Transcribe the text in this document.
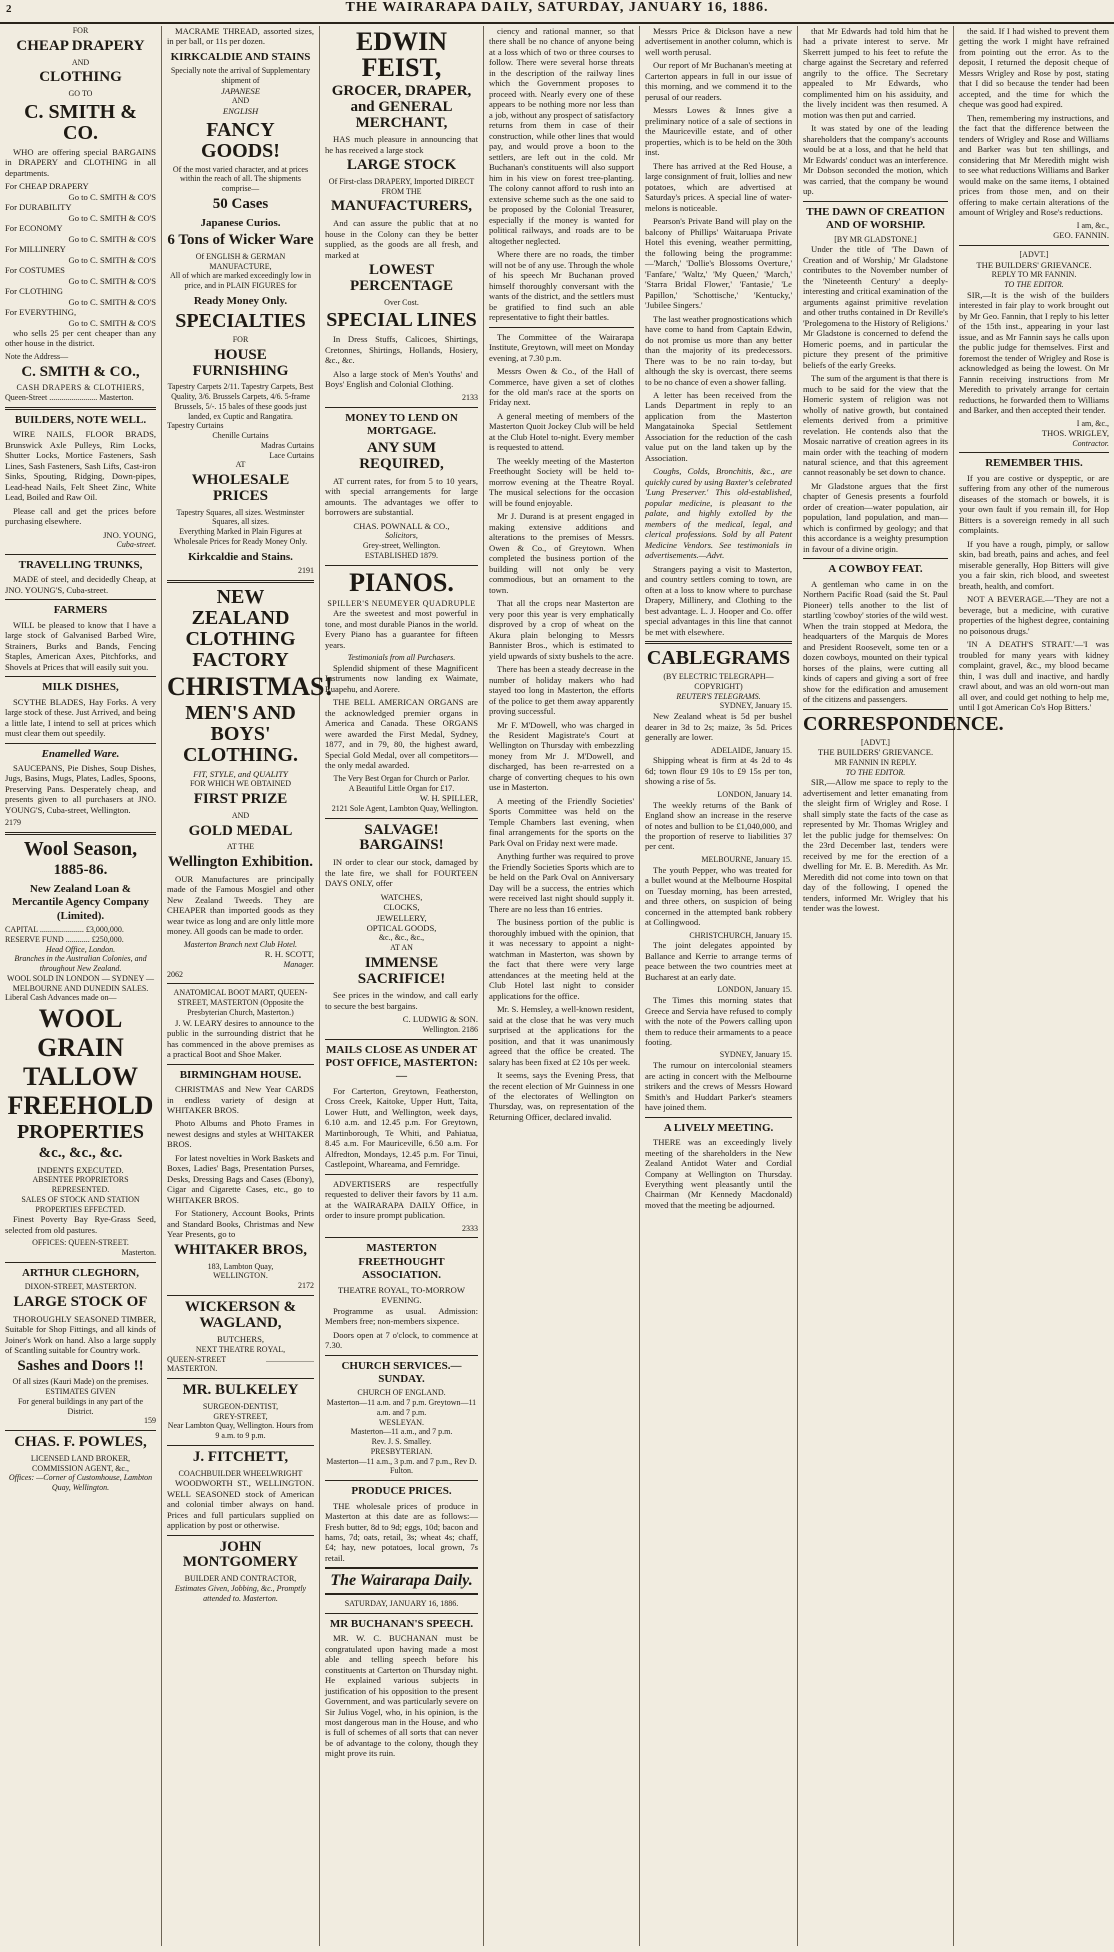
2	THE WAIRARAPA DAILY, SATURDAY, JANUARY 16, 1886.
FOR
CHEAP DRAPERY
AND
CLOTHING
GO TO
C. SMITH & CO.

WHO are offering special BARGAINS in DRAPERY and CLOTHING in all departments.

For CHEAP DRAPERY
Go to C. SMITH & CO'S
For DURABILITY
Go to C. SMITH & CO'S
For ECONOMY
Go to C. SMITH & CO'S
For MILLINERY
Go to C. SMITH & CO'S
For COSTUMES
Go to C. SMITH & CO'S
For CLOTHING
Go to C. SMITH & CO'S
For EVERYTHING,
Go to C. SMITH & CO'S

who sells 25 per cent cheaper than any other house in the district.

Note the Address—
C. SMITH & CO.,
CASH DRAPERS & CLOTHIERS,
Queen-Street ........................ Masterton.
BUILDERS, NOTE WELL.

WIRE NAILS, FLOOR BRADS, Brunswick Axle Pulleys, Rim Locks, Shutter Locks, Mortice Fasteners, Sash Lines, Sash Fasteners, Sash Lifts, Cast-iron Sinks, Spouting, Ridging, Down-pipes, Lead-head Nails, Felt Sheet Zinc, White Lead, Boiled and Raw Oil.

Please call and get the prices before purchasing elsewhere.

JNO. YOUNG,
Cuba-street.
TRAVELLING TRUNKS,

MADE of steel, and decidedly Cheap, at JNO. YOUNG'S, Cuba-street.

FARMERS

WILL be pleased to know that I have a large stock of Galvanised Barbed Wire, Strainers, Burks and Bands, Fencing Staples, American Axes, Pitchforks, and Shovels at Prices that will easily suit you.

MILK DISHES,

SCYTHE BLADES, Hay Forks. A very large stock of these. Just Arrived, and being a little late, I intend to sell at prices which must clear them out speedily.

Enamelled Ware.

SAUCEPANS, Pie Dishes, Soup Dishes, Jugs, Basins, Mugs, Plates, Ladles, Spoons, Preserving Pans. Desperately cheap, and presents given to all purchasers at JNO. YOUNG'S, Cuba-street, Wellington.

2179
Wool Season,
1885-86.
New Zealand Loan & Mercantile Agency Company (Limited).
CAPITAL ...................... £3,000,000.
RESERVE FUND ............ £250,000.
Head Office, London.
Branches in the Australian Colonies, and throughout New Zealand.
WOOL SOLD IN LONDON — SYDNEY — MELBOURNE AND DUNEDIN SALES.
Liberal Cash Advances made on—
WOOL
GRAIN
TALLOW
FREEHOLD
PROPERTIES
&c., &c., &c.
INDENTS EXECUTED.
ABSENTEE PROPRIETORS REPRESENTED.
SALES OF STOCK AND STATION PROPERTIES EFFECTED.

Finest Poverty Bay Rye-Grass Seed, selected from old pastures.

OFFICES: QUEEN-STREET.
Masterton.
ARTHUR CLEGHORN,
DIXON-STREET, MASTERTON.
LARGE STOCK OF

THOROUGHLY SEASONED TIMBER, Suitable for Shop Fittings, and all kinds of Joiner's Work on hand. Also a large supply of Scantling suitable for Country work.

Sashes and Doors !!
Of all sizes (Kauri Made) on the premises. ESTIMATES GIVEN
For general buildings in any part of the District.
159
CHAS. F. POWLES,
LICENSED LAND BROKER, COMMISSION AGENT, &c.,
Offices: —Corner of Customhouse, Lambton Quay, Wellington.

MACRAME THREAD, assorted sizes, in per ball, or 11s per dozen.

KIRKCALDIE AND STAINS
Specially note the arrival of Supplementary shipment of
JAPANESE
AND
ENGLISH
FANCY GOODS!
Of the most varied character, and at prices within the reach of all. The shipments comprise—
50 Cases
Japanese Curios.
6 Tons of Wicker Ware
Of ENGLISH & GERMAN MANUFACTURE,
All of which are marked exceedingly low in price, and in PLAIN FIGURES for
Ready Money Only.
SPECIALTIES
FOR
HOUSE FURNISHING
Tapestry Carpets 2/11. Tapestry Carpets, Best Quality, 3/6. Brussels Carpets, 4/6. 5-frame Brussels, 5/-. 15 bales of these goods just landed, ex Cuptic and Rangatira.
Tapestry Curtains
Chenille Curtains
Madras Curtains
Lace Curtains
AT
WHOLESALE PRICES
Tapestry Squares, all sizes. Westminster Squares, all sizes.
Everything Marked in Plain Figures at Wholesale Prices for Ready Money Only.
Kirkcaldie and Stains.
2191
NEW ZEALAND CLOTHING FACTORY
CHRISTMAS!
MEN'S AND BOYS' CLOTHING.
FIT, STYLE, and QUALITY
FOR WHICH WE OBTAINED
FIRST PRIZE
AND
GOLD MEDAL
AT THE
Wellington Exhibition.

OUR Manufactures are principally made of the Famous Mosgiel and other New Zealand Tweeds. They are CHEAPER than imported goods as they wear twice as long and are only little more money. All goods can be made to order.

Masterton Branch next Club Hotel.
R. H. SCOTT,
Manager.
2062
ANATOMICAL BOOT MART, QUEEN-STREET, MASTERTON (Opposite the Presbyterian Church, Masterton.)

J. W. LEARY desires to announce to the public in the surrounding district that he has commenced in the above premises as a practical Boot and Shoe Maker.

BIRMINGHAM HOUSE.

CHRISTMAS and New Year CARDS in endless variety of design at WHITAKER BROS.

Photo Albums and Photo Frames in newest designs and styles at WHITAKER BROS.

For latest novelties in Work Baskets and Boxes, Ladies' Bags, Presentation Purses, Desks, Dressing Bags and Cases (Ebony), Cigar and Cigarette Cases, etc., go to WHITAKER BROS.

For Stationery, Account Books, Prints and Standard Books, Christmas and New Year Presents, go to

WHITAKER BROS,
183, Lambton Quay,
WELLINGTON.
2172
WICKERSON & WAGLAND,
BUTCHERS,
NEXT THEATRE ROYAL,
QUEEN-STREET ........................ MASTERTON.
MR. BULKELEY
SURGEON-DENTIST,
GREY-STREET,
Near Lambton Quay, Wellington. Hours from 9 a.m. to 9 p.m.
J. FITCHETT,
COACHBUILDER WHEELWRIGHT

WOODWORTH ST., WELLINGTON. WELL SEASONED stock of American and colonial timber always on hand. Prices and full particulars supplied on application by post or otherwise.

JOHN MONTGOMERY
BUILDER AND CONTRACTOR,
Estimates Given, Jobbing, &c., Promptly attended to. Masterton.
EDWIN FEIST,
GROCER, DRAPER, and GENERAL MERCHANT,

HAS much pleasure in announcing that he has received a large stock

LARGE STOCK
Of First-class DRAPERY, Imported DIRECT FROM THE
MANUFACTURERS,

And can assure the public that at no house in the Colony can they be better supplied, as the goods are all fresh, and marked at

LOWEST PERCENTAGE
Over Cost.
SPECIAL LINES

In Dress Stuffs, Calicoes, Shirtings, Cretonnes, Shirtings, Hollands, Hosiery, &c., &c.

Also a large stock of Men's Youths' and Boys' English and Colonial Clothing.

2133
MONEY TO LEND ON MORTGAGE.
ANY SUM REQUIRED,

AT current rates, for from 5 to 10 years, with special arrangements for large amounts. The advantages we offer to borrowers are substantial.

CHAS. POWNALL & CO.,
Solicitors,
Grey-street, Wellington.
ESTABLISHED 1879.
PIANOS.
SPILLER'S NEUMEYER QUADRUPLE

Are the sweetest and most powerful in tone, and most durable Pianos in the world. Every Piano has a guarantee for fifteen years.

Testimonials from all Purchasers.

Splendid shipment of these Magnificent Instruments now landing ex Waimate, Ruapehu, and Aorere.

THE BELL AMERICAN ORGANS are the acknowledged premier organs in America and Canada. These ORGANS were awarded the First Medal, Sydney, 1877, and in 79, 80, the highest award, Special Gold Medal, over all competitors—the only medal awarded.

The Very Best Organ for Church or Parlor.
A Beautiful Little Organ for £17.
W. H. SPILLER,
2121 Sole Agent, Lambton Quay, Wellington.
SALVAGE! BARGAINS!

IN order to clear our stock, damaged by the late fire, we shall for FOURTEEN DAYS ONLY, offer

WATCHES,
CLOCKS,
JEWELLERY,
OPTICAL GOODS,
&c., &c., &c.,
AT AN
IMMENSE SACRIFICE!

See prices in the window, and call early to secure the best bargains.

C. LUDWIG & SON.
Wellington. 2186
MAILS CLOSE AS UNDER AT POST OFFICE, MASTERTON:—

For Carterton, Greytown, Featherston, Cross Creek, Kaitoke, Upper Hutt, Taita, Lower Hutt, and Wellington, week days, 6.10 a.m. and 12.45 p.m. For Greytown, Martinborough, Te Whiti, and Pahiatua, 8.45 a.m. For Mauriceville, 6.50 a.m. For Alfredton, Mondays, 12.45 p.m. For Tinui, Castlepoint, Whareama, and Fernridge.

ADVERTISERS are respectfully requested to deliver their favors by 11 a.m. at the WAIRARAPA DAILY Office, in order to insure prompt publication.

2333
MASTERTON FREETHOUGHT ASSOCIATION.
THEATRE ROYAL, TO-MORROW EVENING.

Programme as usual. Admission: Members free; non-members sixpence.

Doors open at 7 o'clock, to commence at 7.30.

CHURCH SERVICES.—SUNDAY.
CHURCH OF ENGLAND.
Masterton—11 a.m. and 7 p.m. Greytown—11 a.m. and 7 p.m.
WESLEYAN.
Masterton—11 a.m., and 7 p.m.
Rev. J. S. Smalley.
PRESBYTERIAN.
Masterton—11 a.m., 3 p.m. and 7 p.m., Rev D. Fulton.
PRODUCE PRICES.

THE wholesale prices of produce in Masterton at this date are as follows:— Fresh butter, 8d to 9d; eggs, 10d; bacon and hams, 7d; oats, retail, 3s; wheat 4s; chaff, £4; hay, new potatoes, local grown, 7s retail.

The Wairarapa Daily.
SATURDAY, JANUARY 16, 1886.
MR BUCHANAN'S SPEECH.

MR. W. C. BUCHANAN must be congratulated upon having made a most able and telling speech before his constituents at Carterton on Thursday night. He explained various subjects in justification of his opposition to the present Government, and was particularly severe on Sir Julius Vogel, who, in his opinion, is the most dangerous man in the House, and who is full of schemes of all sorts that can never be of advantage to the colony, though they might prove its ruin.

ciency and rational manner, so that there shall be no chance of anyone being at a loss which of two or three courses to follow. There were several horse threats in the description of the railway lines which the Government proposes to proceed with. Nearly every one of these appears to be nothing more nor less than a job, without any prospect of satisfactory returns from them in case of their construction, while other lines that would pay, and would prove a boon to the settlers, are left out in the cold. Mr Buchanan's constituents will also support him in his view on forest tree-planting. The colony cannot afford to rush into an extensive scheme such as the one said to be proposed by the Colonial Treasurer, especially if the money is wanted for political railways, and roads are to be altogether neglected.

Where there are no roads, the timber will not be of any use. Through the whole of his speech Mr Buchanan proved himself thoroughly conversant with the wants of the district, and the settlers must be gratified to find such an able representative to fight their battles.

The Committee of the Wairarapa Institute, Greytown, will meet on Monday evening, at 7.30 p.m.

Messrs Owen & Co., of the Hall of Commerce, have given a set of clothes for the old man's race at the sports on Friday next.

A general meeting of members of the Masterton Quoit Jockey Club will be held at the Club Hotel to-night. Every member is requested to attend.

The weekly meeting of the Masterton Freethought Society will be held to-morrow evening at the Theatre Royal. The musical selections for the occasion will be found enjoyable.

Mr J. Durand is at present engaged in making extensive additions and alterations to the premises of Messrs. Owen & Co., of Greytown. When completed the business portion of the building will not only be very commodious, but an ornament to the town.

That all the crops near Masterton are very poor this year is very emphatically disproved by a crop of wheat on the Akura plain belonging to Messrs Bannister Bros., which is estimated to yield upwards of sixty bushels to the acre.

There has been a steady decrease in the number of holiday makers who had stayed too long in Masterton, the efforts of the police to get them away apparently proving successful.

Mr F. M'Dowell, who was charged in the Resident Magistrate's Court at Wellington on Thursday with embezzling money from Mr J. M'Dowell, and discharged, has been re-arrested on a charge of converting cheques to his own use in Masterton.

A meeting of the Friendly Societies' Sports Committee was held on the Temple Chambers last evening, when final arrangements for the sports on the Park Oval on Friday next were made.

Anything further was required to prove the Friendly Societies Sports which are to be held on the Park Oval on Anniversary Day will be a success, the entries which were received last night should supply it. There are no less than 16 entries.

The business portion of the public is thoroughly imbued with the opinion, that it was necessary to appoint a night-watchman in Masterton, was shown by the fact that there were very large attendances at the meeting held at the Club Hotel last night to consider applications for the office.

Mr. S. Hemsley, a well-known resident, said at the close that he was very much surprised at the applications for the position, and that it was unanimously agreed that the office be created. The salary has been fixed at £2 10s per week.

It seems, says the Evening Press, that the recent election of Mr Guinness in one of the electorates of Wellington on Thursday, was, on representation of the Returning Officer, declared invalid.

Messrs Price & Dickson have a new advertisement in another column, which is well worth perusal.

Our report of Mr Buchanan's meeting at Carterton appears in full in our issue of this morning, and we commend it to the perusal of our readers.

Messrs Lowes & Innes give a preliminary notice of a sale of sections in the Mauriceville estate, and of other properties, which is to be held on the 30th inst.

There has arrived at the Red House, a large consignment of fruit, lollies and new potatoes, which are advertised at Saturday's prices. A special line of water-melons is noticeable.

Pearson's Private Band will play on the balcony of Phillips' Waitaruapa Private Hotel this evening, weather permitting, the following being the programme:—'March,' 'Dollie's Blossoms Overture,' 'Fanfare,' 'Waltz,' 'My Queen,' 'March,' 'Starra Bridal Flower,' 'Fantasie,' 'Le Papillon,' 'Schottische,' 'Kentucky,' 'Jubilee Singers.'

The last weather prognostications which have come to hand from Captain Edwin, do not promise us more than any better than the majority of its predecessors. There was to be no rain to-day, but although the sky is overcast, there seems to be no chance of even a shower falling.

A letter has been received from the Lands Department in reply to an application from the Masterton Mangatainoka Special Settlement Association for the reduction of the cash value put on the land taken up by the Association.

Coughs, Colds, Bronchitis, &c., are quickly cured by using Baxter's celebrated 'Lung Preserver.' This old-established, popular medicine, is pleasant to the palate, and highly extolled by the members of the medical, legal, and clerical professions. Sold by all Patent Medicine Vendors. See testimonials in advertisements.—Advt.

Strangers paying a visit to Masterton, and country settlers coming to town, are often at a loss to know where to purchase Drapery, Millinery, and Clothing to the best advantage. L. J. Hooper and Co. offer special advantages in this line that cannot be met with elsewhere.

CABLEGRAMS
(BY ELECTRIC TELEGRAPH—COPYRIGHT)
REUTER'S TELEGRAMS.
SYDNEY, January 15.

New Zealand wheat is 5d per bushel dearer in 3d to 2s; maize, 3s 5d. Prices generally are lower.

ADELAIDE, January 15.

Shipping wheat is firm at 4s 2d to 4s 6d; town flour £9 10s to £9 15s per ton, showing a rise of 5s.

LONDON, January 14.

The weekly returns of the Bank of England show an increase in the reserve of notes and bullion to be £1,040,000, and the proportion of reserve to liabilities 37 per cent.

MELBOURNE, January 15.

The youth Pepper, who was treated for a bullet wound at the Melbourne Hospital on Tuesday morning, has been arrested, and three others, on suspicion of being concerned in the attempted bank robbery at Collingwood.

CHRISTCHURCH, January 15.

The joint delegates appointed by Ballance and Kerrie to arrange terms of peace between the two countries meet at Bucharest at an early date.

LONDON, January 15.

The Times this morning states that Greece and Servia have refused to comply with the note of the Powers calling upon them to reduce their armaments to a peace footing.

SYDNEY, January 15.

The rumour on intercolonial steamers are acting in concert with the Melbourne strikers and the crews of Messrs Howard Smith's and Huddart Parker's steamers have joined them.

A LIVELY MEETING.

THERE was an exceedingly lively meeting of the shareholders in the New Zealand Antidot Water and Cordial Company at Wellington on Thursday. Everything went pleasantly until the Chairman (Mr Kennedy Macdonald) moved that the meeting be adjourned.

that Mr Edwards had told him that he had a private interest to serve. Mr Skerrett jumped to his feet to refute the charge against the Secretary and referred angrily to the office. The Secretary appealed to Mr Edwards, who complimented him on his assiduity, and the lively incident was then resumed. A motion was then put and carried.

It was stated by one of the leading shareholders that the company's accounts would be at a loss, and that he held that Mr Edwards' conduct was an interference. Mr Dobson seconded the motion, which was carried, that the company be wound up.

THE DAWN OF CREATION AND OF WORSHIP.
[BY MR GLADSTONE.]

Under the title of 'The Dawn of Creation and of Worship,' Mr Gladstone contributes to the November number of the 'Nineteenth Century' a deeply-interesting and critical examination of the arguments against primitive revelation and other truths contained in Dr Reville's 'Prolegomena to the History of Religions.' Mr Gladstone is concerned to defend the Homeric poems, and in particular the picture they present of the primitive beliefs of the early Greeks.

The sum of the argument is that there is much to be said for the view that the Homeric system of religion was not wholly of native growth, but contained elements derived from a primitive revelation. He contends also that the Mosaic narrative of creation agrees in its main order with the teaching of modern natural science, and that this agreement cannot reasonably be set down to chance.

Mr Gladstone argues that the first chapter of Genesis presents a fourfold order of creation—water population, air population, land population, and man—which is confirmed by geology; and that this accordance is a weighty presumption in favour of a divine origin.

A COWBOY FEAT.

A gentleman who came in on the Northern Pacific Road (said the St. Paul Pioneer) tells another to the list of startling 'cowboy' stories of the wild west. When the train stopped at Medora, the headquarters of the Marquis de Mores and President Roosevelt, some ten or a dozen cowboys, mounted on their typical horses of the plains, were cutting all kinds of capers and giving a sort of free show for the edification and amusement of the citizens and passengers.

CORRESPONDENCE.
[ADVT.]
THE BUILDERS' GRIEVANCE.
MR FANNIN IN REPLY.
TO THE EDITOR.

SIR,—Allow me space to reply to the advertisement and letter emanating from the sleight firm of Wrigley and Rose. I shall simply state the facts of the case as represented by Mr. Thomas Wrigley and let the public judge for themselves: On the 23rd December last, tenders were received by me for the erection of a dwelling for Mr. E. B. Meredith. As Mr. Meredith did not come into town on that day of the following, I opened the tenders, informed Mr. Wrigley that his tender was the lowest.

the said. If I had wished to prevent them getting the work I might have refrained from pointing out the error. As to the deposit, I returned the deposit cheque of Messrs Wrigley and Rose by post, stating that I did so because the tender had been accepted, and the time for which the cheque was good had expired.

Then, remembering my instructions, and the fact that the difference between the tenders of Wrigley and Rose and Williams and Barker was but ten shillings, and considering that Mr Meredith might wish to see what reductions Williams and Barker would make on the same items, I obtained prices from those men, and on their offering to make certain alterations of the amount of Wrigley and Rose's reductions.

I am, &c.,
GEO. FANNIN.
[ADVT.]
THE BUILDERS' GRIEVANCE.
REPLY TO MR FANNIN.
TO THE EDITOR.

SIR,—It is the wish of the builders interested in fair play to work brought out by Mr Geo. Fannin, that I reply to his letter of the 15th inst., appearing in your last issue, and as Mr Fannin says he calls upon the public judge for themselves. First and foremost the tender of Wrigley and Rose is acknowledged as being the lowest. On Mr Fannin receiving instructions from Mr Meredith to privately arrange for certain reductions, he forwarded them to Williams and Barker, and then accepted their tender.

I am, &c.,
THOS. WRIGLEY,
Contractor.
REMEMBER THIS.

If you are costive or dyspeptic, or are suffering from any other of the numerous diseases of the stomach or bowels, it is your own fault if you remain ill, for Hop Bitters is a sovereign remedy in all such complaints.

If you have a rough, pimply, or sallow skin, bad breath, pains and aches, and feel miserable generally, Hop Bitters will give you a fair skin, rich blood, and sweetest breath, health, and comfort.

NOT A BEVERAGE.—'They are not a beverage, but a medicine, with curative properties of the highest degree, containing no poisonous drugs.'

'IN A DEATH'S STRAIT.'—'I was troubled for many years with kidney complaint, gravel, &c., my blood became thin, I was dull and inactive, and hardly crawl about, and was an old worn-out man all over, and could get nothing to help me, until I got American Co's Hop Bitters.'
